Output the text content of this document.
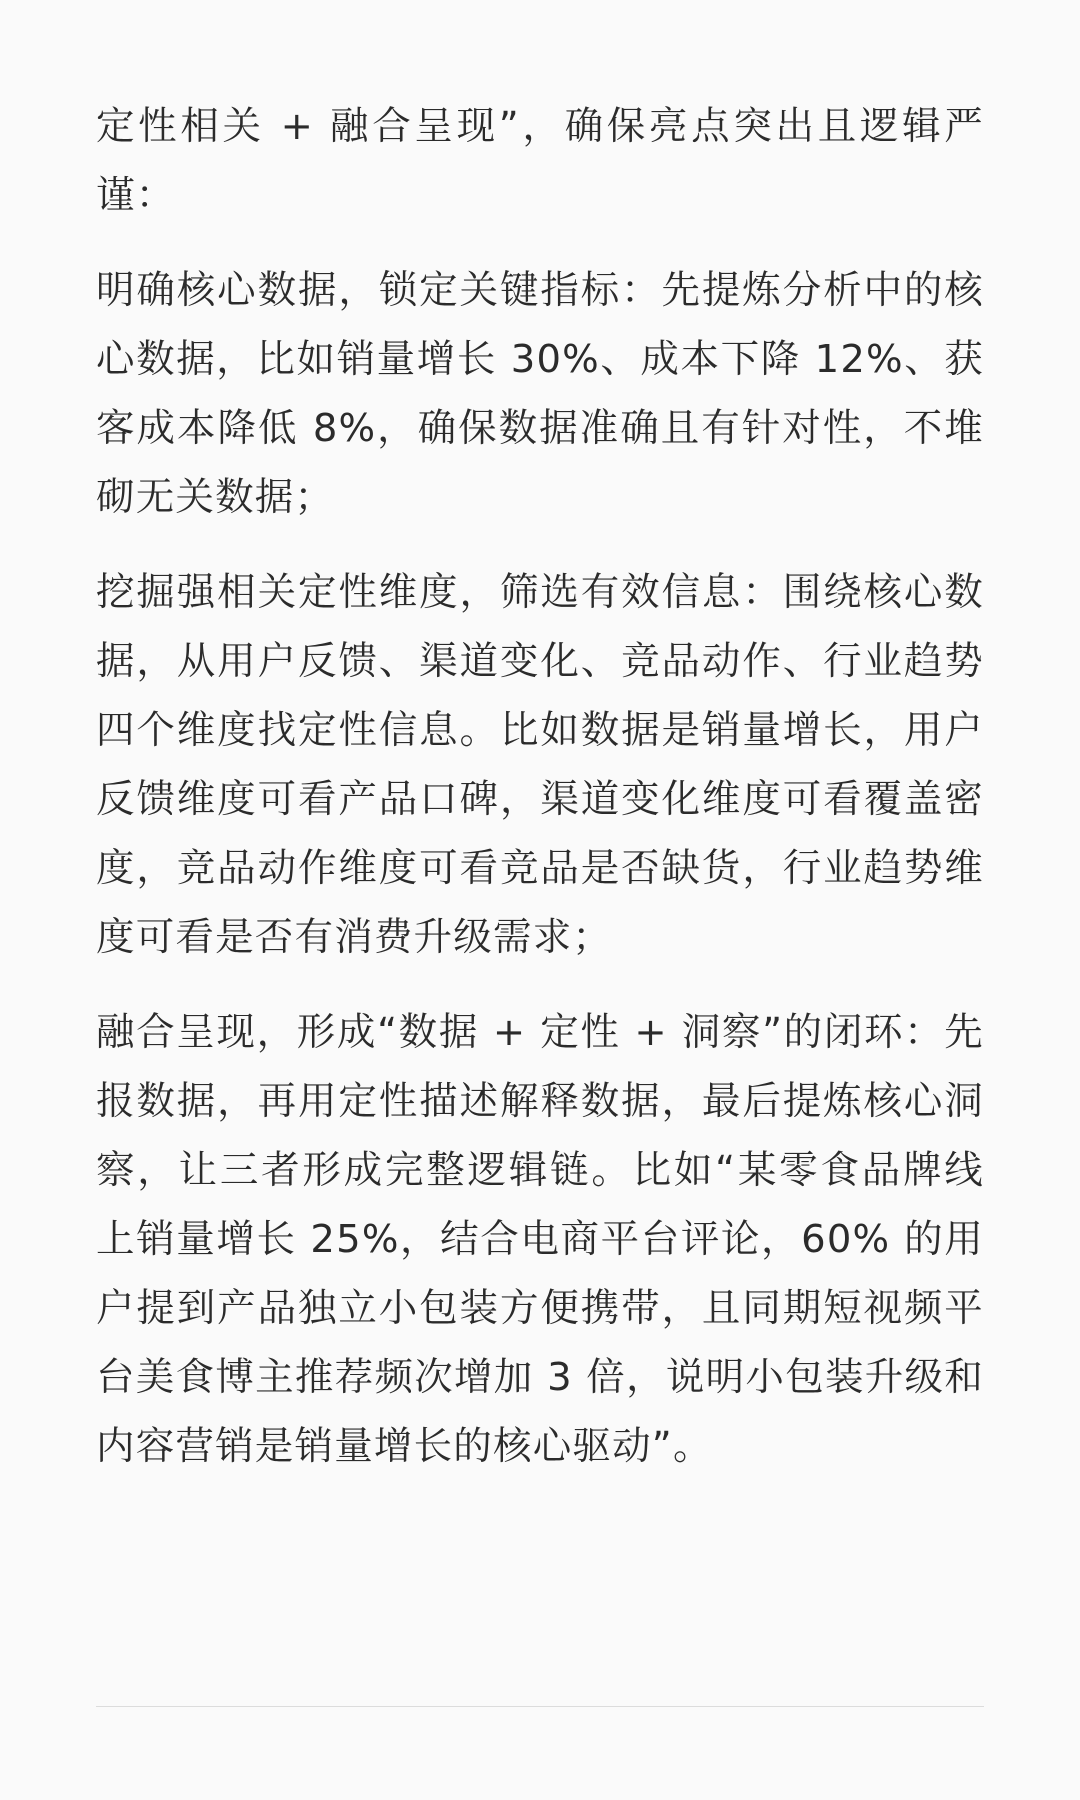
定性相关 + 融合呈现”，确保亮点突出且逻辑严谨：

明确核心数据，锁定关键指标：先提炼分析中的核心数据，比如销量增长 30%、成本下降 12%、获客成本降低 8%，确保数据准确且有针对性，不堆砌无关数据；

挖掘强相关定性维度，筛选有效信息：围绕核心数据，从用户反馈、渠道变化、竞品动作、行业趋势四个维度找定性信息。比如数据是销量增长，用户反馈维度可看产品口碑，渠道变化维度可看覆盖密度，竞品动作维度可看竞品是否缺货，行业趋势维度可看是否有消费升级需求；

融合呈现，形成“数据 + 定性 + 洞察”的闭环：先报数据，再用定性描述解释数据，最后提炼核心洞察，让三者形成完整逻辑链。比如“某零食品牌线上销量增长 25%，结合电商平台评论，60% 的用户提到产品独立小包装方便携带，且同期短视频平台美食博主推荐频次增加 3 倍，说明小包装升级和内容营销是销量增长的核心驱动”。
